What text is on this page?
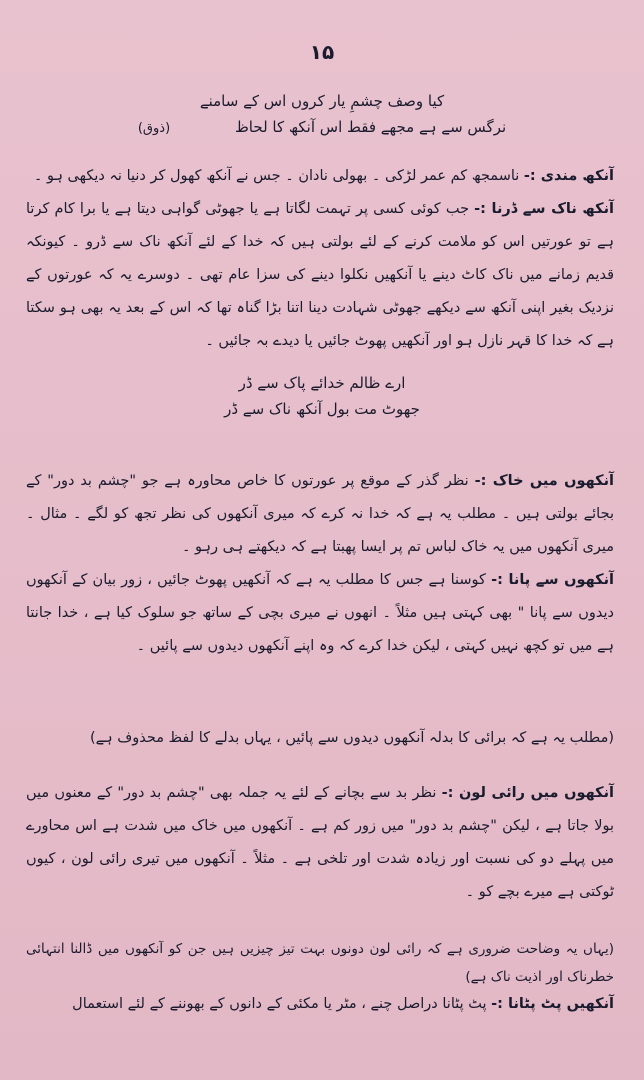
۱۵
کیا وصف چشمِ یار کروں اس کے سامنے
نرگس سے ہے مجھے فقط اس آنکھ کا لحاظ (ذوق)
آنکھ مندی :- ناسمجھ کم عمر لڑکی ۔ بھولی نادان ۔ جس نے آنکھ کھول کر دنیا نہ دیکھی ہو ۔
آنکھ ناک سے ڈرنا :- جب کوئی کسی پر تہمت لگاتا ہے یا جھوٹی گواہی دیتا ہے یا برا کام کرتا ہے تو عورتیں اس کو ملامت کرنے کے لئے بولتی ہیں کہ خدا کے لئے آنکھ ناک سے ڈرو ۔ کیونکہ قدیم زمانے میں ناک کاٹ دینے یا آنکھیں نکلوا دینے کی سزا عام تھی ۔ دوسرے یہ کہ عورتوں کے نزدیک بغیر اپنی آنکھ سے دیکھے جھوٹی شہادت دینا اتنا بڑا گناہ تھا کہ اس کے بعد یہ بھی ہو سکتا ہے کہ خدا کا قہر نازل ہو اور آنکھیں پھوٹ جائیں یا دیدے بہ جائیں ۔
ارے ظالم خدائے پاک سے ڈر
جھوٹ مت بول آنکھ ناک سے ڈر
آنکھوں میں خاک :- نظر گذر کے موقع پر عورتوں کا خاص محاورہ ہے جو "چشم بد دور" کے بجائے بولتی ہیں ۔ مطلب یہ ہے کہ خدا نہ کرے کہ میری آنکھوں کی نظر تجھ کو لگے ۔ مثال ۔ میری آنکھوں میں یہ خاک لباس تم پر ایسا پھبتا ہے کہ دیکھتے ہی رہو ۔
آنکھوں سے پانا :- کوسنا ہے جس کا مطلب یہ ہے کہ آنکھیں پھوٹ جائیں ، زور بیان کے آنکھوں دیدوں سے پانا " بھی کہتی ہیں مثلاً ۔ انھوں نے میری بچی کے ساتھ جو سلوک کیا ہے ، خدا جانتا ہے میں تو کچھ نہیں کہتی ، لیکن خدا کرے کہ وہ اپنے آنکھوں دیدوں سے پائیں ۔
(مطلب یہ ہے کہ برائی کا بدلہ آنکھوں دیدوں سے پائیں ، یہاں بدلے کا لفظ محذوف ہے)
آنکھوں میں رائی لون :- نظر بد سے بچانے کے لئے یہ جملہ بھی "چشم بد دور" کے معنوں میں بولا جاتا ہے ، لیکن "چشم بد دور" میں زور کم ہے ۔ آنکھوں میں خاک میں شدت ہے اس محاورے میں پہلے دو کی نسبت اور زیادہ شدت اور تلخی ہے ۔ مثلاً ۔ آنکھوں میں تیری رائی لون ، کیوں ٹوکتی ہے میرے بچے کو ۔
(یہاں یہ وضاحت ضروری ہے کہ رائی لون دونوں بہت تیز چیزیں ہیں جن کو آنکھوں میں ڈالنا انتہائی خطرناک اور اذیت ناک ہے)
آنکھیں پٹ پٹانا :- پٹ پٹانا دراصل چنے ، مٹر یا مکئی کے دانوں کے بھوننے کے لئے استعمال
